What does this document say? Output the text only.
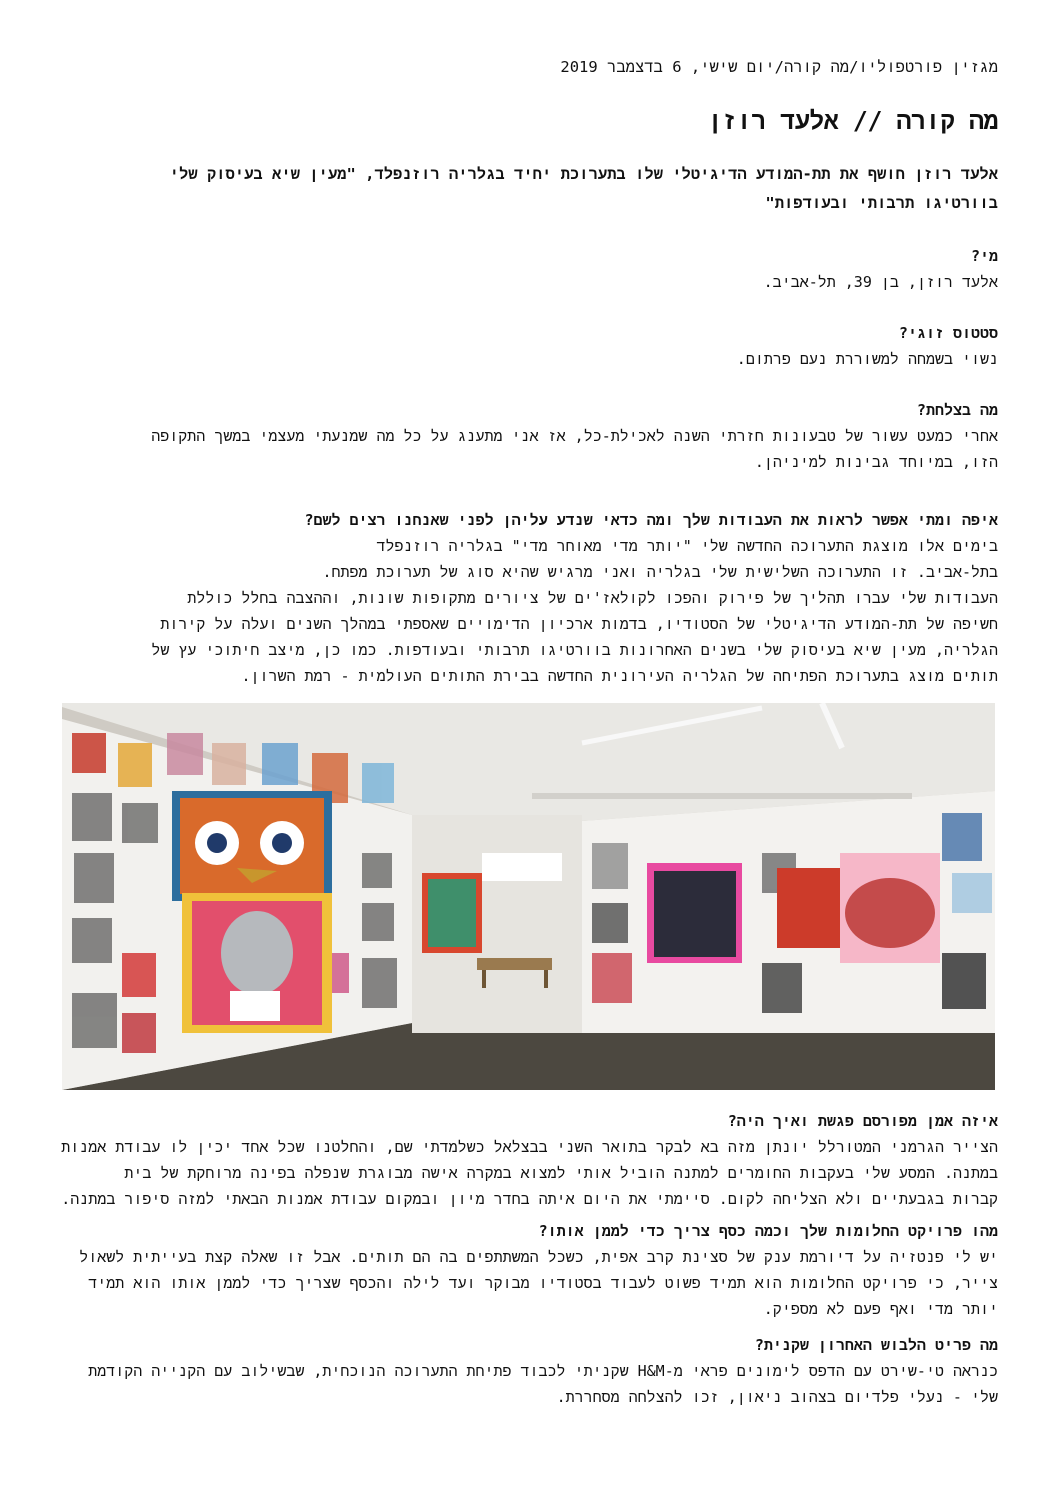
מגזין פורטפוליו/מה קורה/יום שישי, 6 בדצמבר 2019
מה קורה // אלעד רוזן
אלעד רוזן חושף את תת-המודע הדיגיטלי שלו בתערוכת יחיד בגלריה רוזנפלד, "מעין שיא בעיסוק שלי
בוורטיגו תרבותי ובעודפות"
מי?
אלעד רוזן, בן 39, תל-אביב.
סטטוס זוגי?
נשוי בשמחה למשוררת נעם פרתום.
מה בצלחת?
אחרי כמעט עשור של טבעונות חזרתי השנה לאכילת-כל, אז אני מתענג על כל מה שמנעתי מעצמי במשך התקופה
הזו, במיוחד גבינות למיניהן.
איפה ומתי אפשר לראות את העבודות שלך ומה כדאי שנדע עליהן לפני שאנחנו רצים לשם?
בימים אלו מוצגת התערוכה החדשה שלי "יותר מדי מאוחר מדי" בגלריה רוזנפלד
בתל-אביב. זו התערוכה השלישית שלי בגלריה ואני מרגיש שהיא סוג של תערוכת מפתח.
העבודות שלי עברו תהליך של פירוק והפכו לקולאז'ים של ציורים מתקופות שונות, וההצבה בחלל כוללת
חשיפה של תת-המודע הדיגיטלי של הסטודיו, בדמות ארכיון הדימויים שאספתי במהלך השנים ועלה על קירות
הגלריה, מעין שיא בעיסוק שלי בשנים האחרונות בוורטיגו תרבותי ובעודפות. כמו כן, מיצב חיתוכי עץ של
תותים מוצג בתערוכת הפתיחה של הגלריה העירונית החדשה בבירת התותים העולמית - רמת השרון.
איזה אמן מפורסם פגשת ואיך היה?
הצייר הגרמני המטורלל יונתן מזה בא לבקר בתואר השני בבצלאל כשלמדתי שם, והחלטנו שכל אחד יכין לו עבודת אמנות
במתנה. המסע שלי בעקבות החומרים למתנה הוביל אותי למצוא במקרה אישה מבוגרת שנפלה בפינה מרוחקת של בית
קברות בגבעתיים ולא הצליחה לקום. סיימתי את היום איתה בחדר מיון ובמקום עבודת אמנות הבאתי למזה סיפור במתנה.
מהו פרויקט החלומות שלך וכמה כסף צריך כדי לממן אותו?
יש לי פנטזיה על דיורמת ענק של סצינת קרב אפית, כשכל המשתתפים בה הם תותים. אבל זו שאלה קצת בעייתית לשאול
צייר, כי פרויקט החלומות הוא תמיד פשוט לעבוד בסטודיו מבוקר ועד לילה והכסף שצריך כדי לממן אותו הוא תמיד
יותר מדי ואף פעם לא מספיק.
מה פריט הלבוש האחרון שקנית?
כנראה טי-שירט עם הדפס לימונים פראי מ-H&M שקניתי לכבוד פתיחת התערוכה הנוכחית, שבשילוב עם הקנייה הקודמת
שלי - נעלי פלדיום בצהוב ניאון, זכו להצלחה מסחררת.
